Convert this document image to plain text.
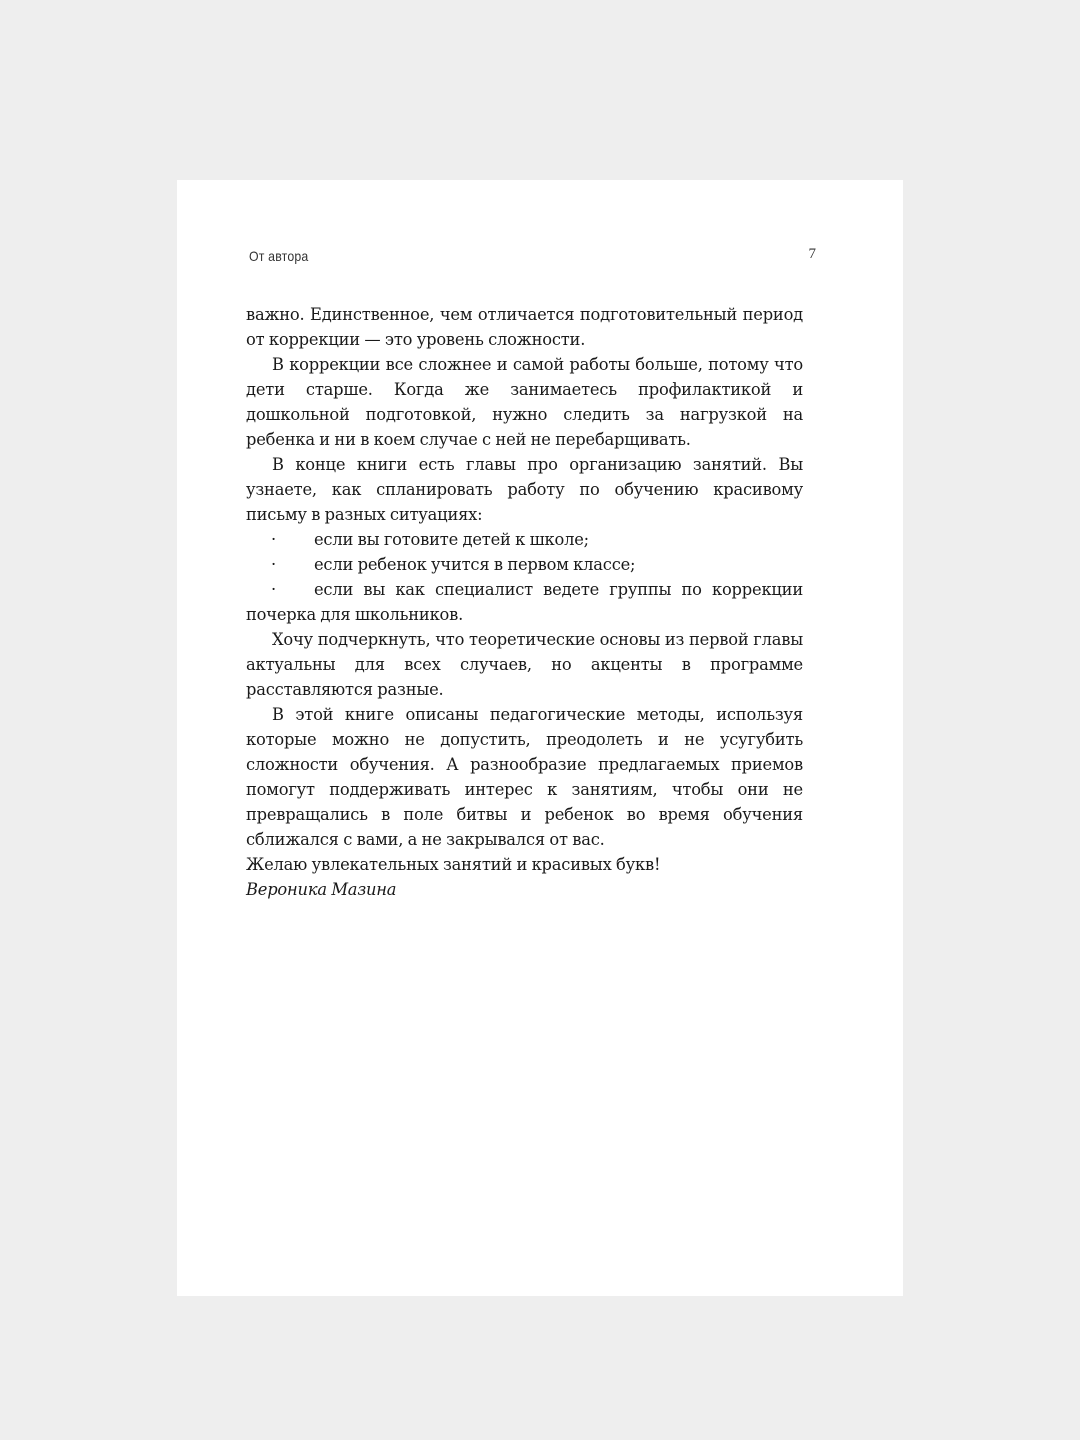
От автора	7

важно. Единственное, чем отличается подготовительный период от коррекции — это уровень сложности.

В коррекции все сложнее и самой работы больше, потому что дети старше. Когда же занимаетесь профилактикой и дошкольной подготовкой, нужно следить за нагрузкой на ребенка и ни в коем случае с ней не перебарщивать.

В конце книги есть главы про организацию занятий. Вы узнаете, как спланировать работу по обучению красивому письму в разных ситуациях:

· если вы готовите детей к школе;
· если ребенок учится в первом классе;
· если вы как специалист ведете группы по коррекции почерка для школьников.

Хочу подчеркнуть, что теоретические основы из первой главы актуальны для всех случаев, но акценты в программе расставляются разные.

В этой книге описаны педагогические методы, используя которые можно не допустить, преодолеть и не усугубить сложности обучения. А разнообразие предлагаемых приемов помогут поддерживать интерес к занятиям, чтобы они не превращались в поле битвы и ребенок во время обучения сближался с вами, а не закрывался от вас.

Желаю увлекательных занятий и красивых букв!

Вероника Мазина
